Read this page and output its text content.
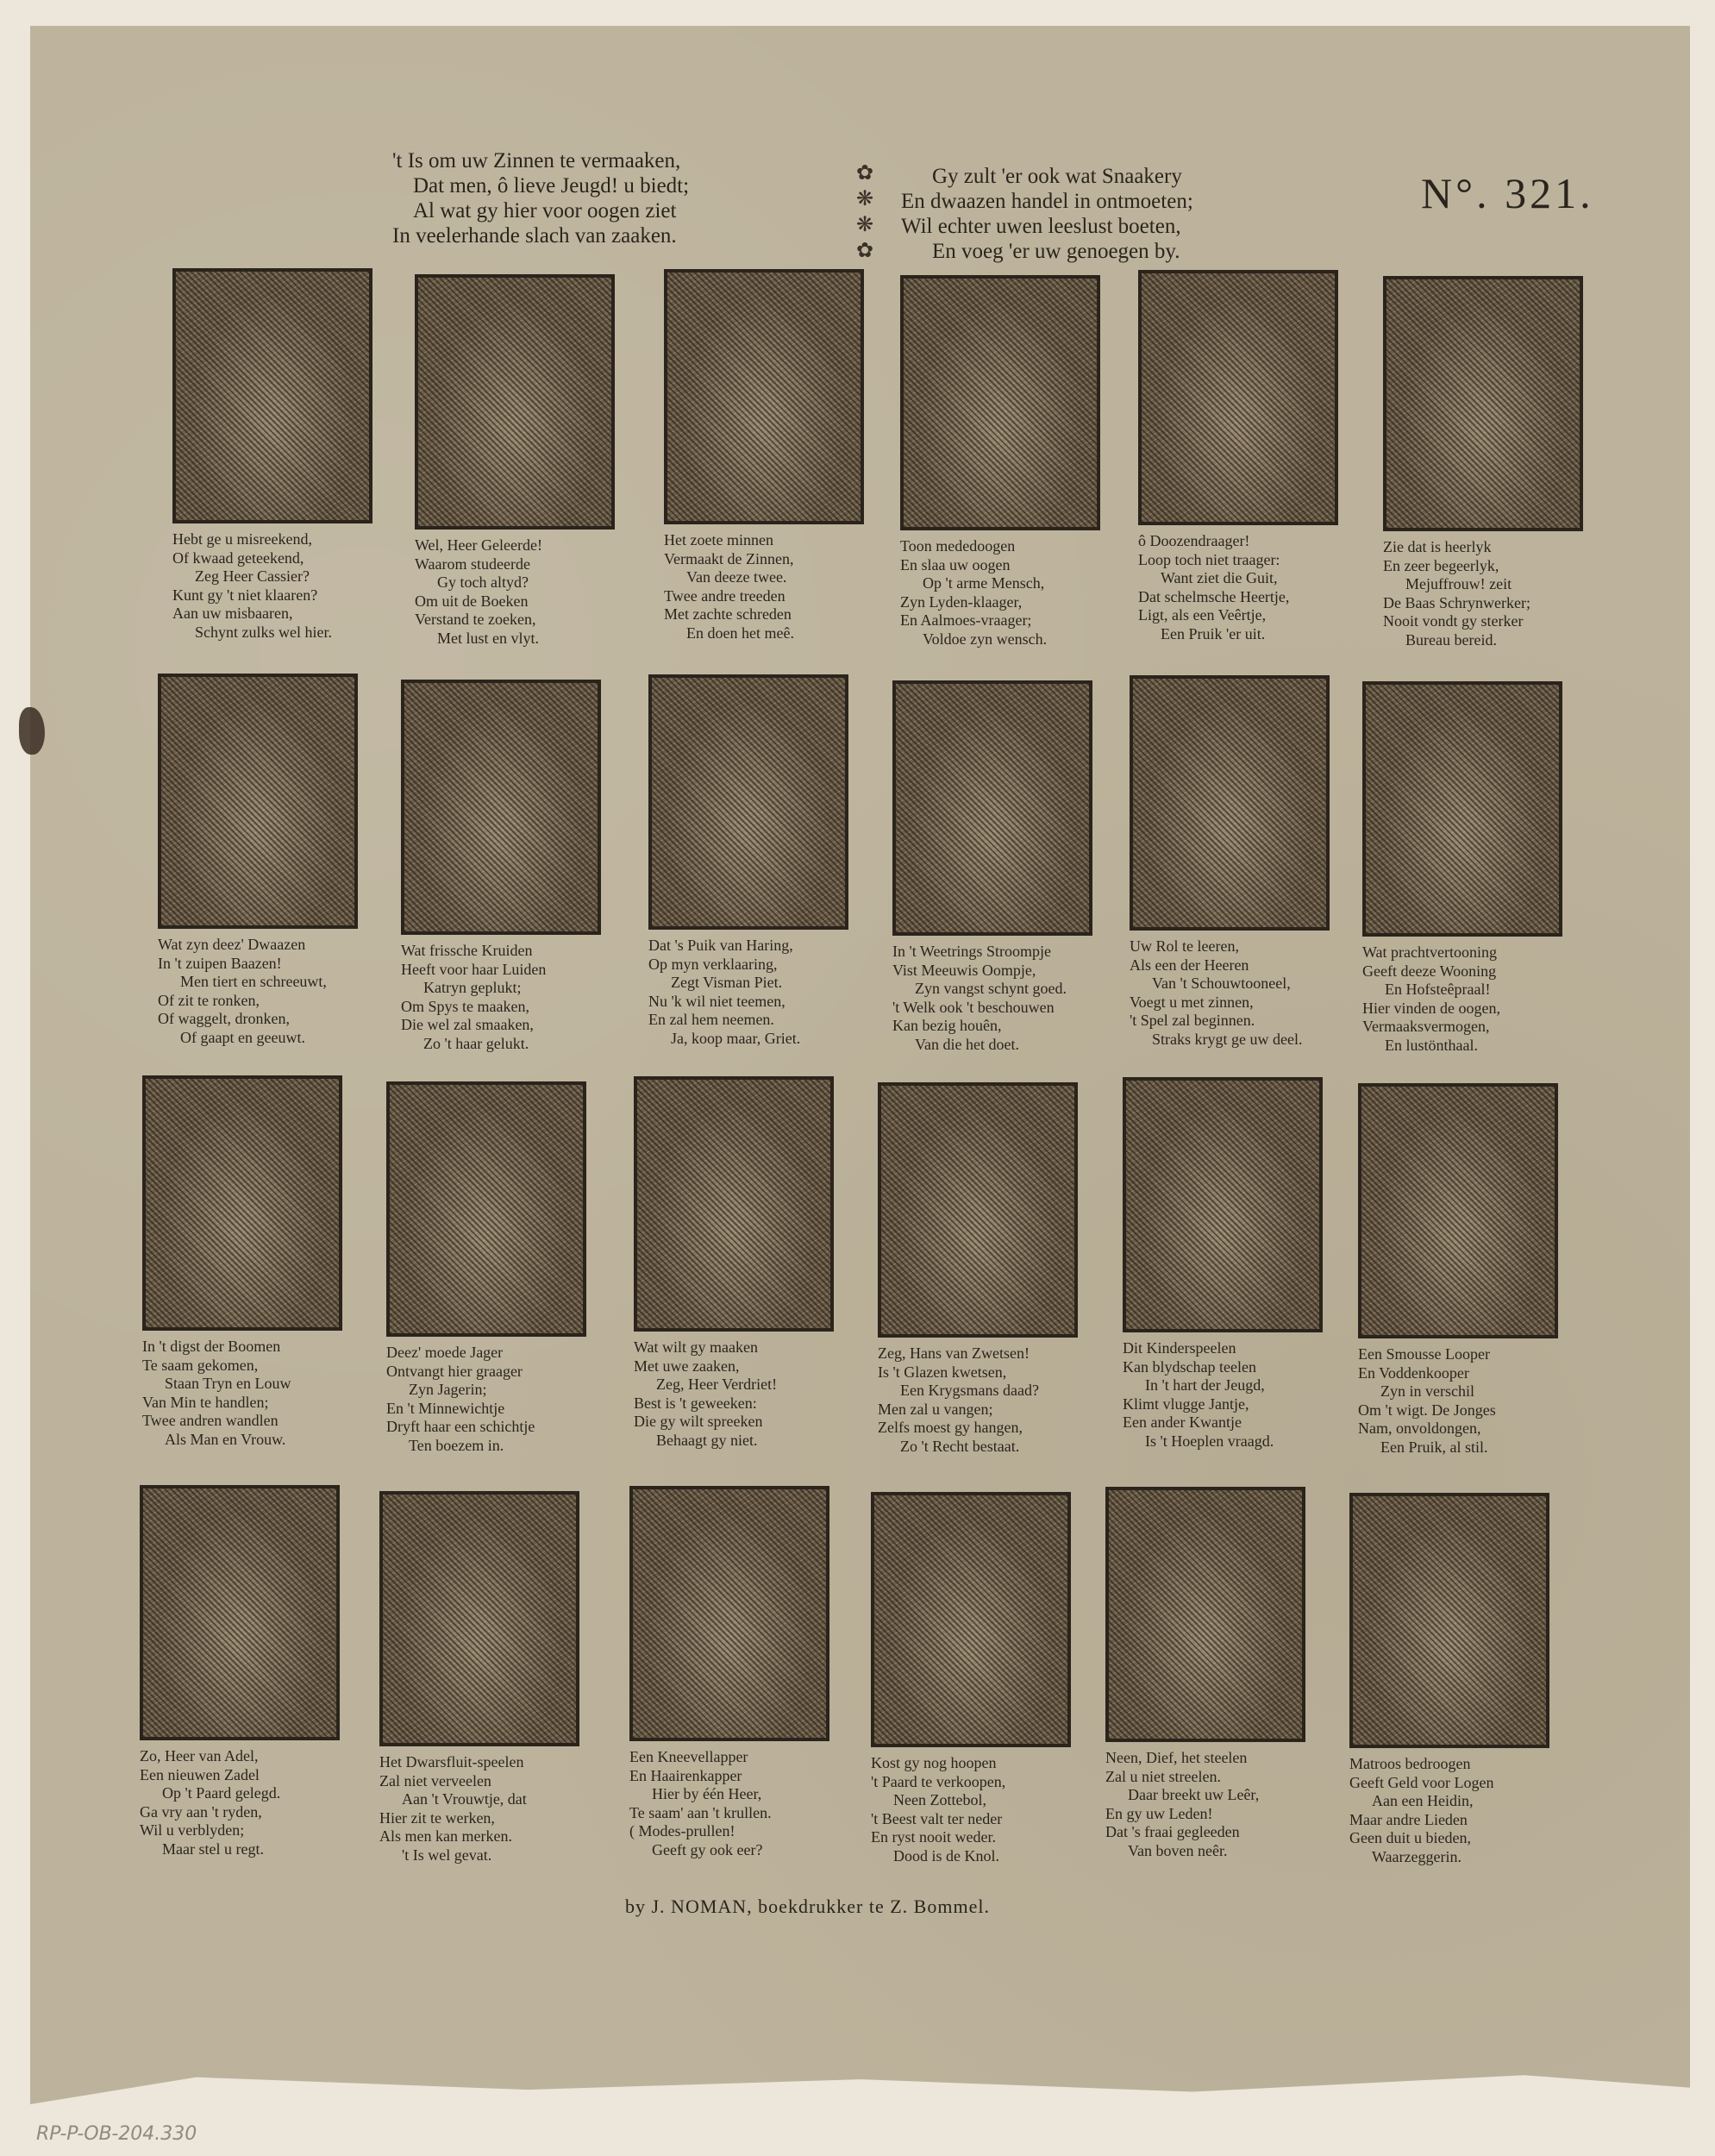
't Is om uw Zinnen te vermaaken,
Dat men, ô lieve Jeugd! u biedt;
Al wat gy hier voor oogen ziet
In veelerhande slach van zaaken.
✿
❋
❋
✿
Gy zult 'er ook wat Snaakery
En dwaazen handel in ontmoeten;
Wil echter uwen leeslust boeten,
En voeg 'er uw genoegen by.
N°. 321.
Hebt ge u misreekend,
Of kwaad geteekend,
Zeg Heer Cassier?
Kunt gy 't niet klaaren?
Aan uw misbaaren,
Schynt zulks wel hier.
Wel, Heer Geleerde!
Waarom studeerde
Gy toch altyd?
Om uit de Boeken
Verstand te zoeken,
Met lust en vlyt.
Het zoete minnen
Vermaakt de Zinnen,
Van deeze twee.
Twee andre treeden
Met zachte schreden
En doen het meê.
Toon mededoogen
En slaa uw oogen
Op 't arme Mensch,
Zyn Lyden-klaager,
En Aalmoes-vraager;
Voldoe zyn wensch.
ô Doozendraager!
Loop toch niet traager:
Want ziet die Guit,
Dat schelmsche Heertje,
Ligt, als een Veêrtje,
Een Pruik 'er uit.
Zie dat is heerlyk
En zeer begeerlyk,
Mejuffrouw! zeit
De Baas Schrynwerker;
Nooit vondt gy sterker
Bureau bereid.
Wat zyn deez' Dwaazen
In 't zuipen Baazen!
Men tiert en schreeuwt,
Of zit te ronken,
Of waggelt, dronken,
Of gaapt en geeuwt.
Wat frissche Kruiden
Heeft voor haar Luiden
Katryn geplukt;
Om Spys te maaken,
Die wel zal smaaken,
Zo 't haar gelukt.
Dat 's Puik van Haring,
Op myn verklaaring,
Zegt Visman Piet.
Nu 'k wil niet teemen,
En zal hem neemen.
Ja, koop maar, Griet.
In 't Weetrings Stroompje
Vist Meeuwis Oompje,
Zyn vangst schynt goed.
't Welk ook 't beschouwen
Kan bezig houên,
Van die het doet.
Uw Rol te leeren,
Als een der Heeren
Van 't Schouwtooneel,
Voegt u met zinnen,
't Spel zal beginnen.
Straks krygt ge uw deel.
Wat prachtvertooning
Geeft deeze Wooning
En Hofsteêpraal!
Hier vinden de oogen,
Vermaaksvermogen,
En lustönthaal.
In 't digst der Boomen
Te saam gekomen,
Staan Tryn en Louw
Van Min te handlen;
Twee andren wandlen
Als Man en Vrouw.
Deez' moede Jager
Ontvangt hier graager
Zyn Jagerin;
En 't Minnewichtje
Dryft haar een schichtje
Ten boezem in.
Wat wilt gy maaken
Met uwe zaaken,
Zeg, Heer Verdriet!
Best is 't geweeken:
Die gy wilt spreeken
Behaagt gy niet.
Zeg, Hans van Zwetsen!
Is 't Glazen kwetsen,
Een Krygsmans daad?
Men zal u vangen;
Zelfs moest gy hangen,
Zo 't Recht bestaat.
Dit Kinderspeelen
Kan blydschap teelen
In 't hart der Jeugd,
Klimt vlugge Jantje,
Een ander Kwantje
Is 't Hoeplen vraagd.
Een Smousse Looper
En Voddenkooper
Zyn in verschil
Om 't wigt. De Jonges
Nam, onvoldongen,
Een Pruik, al stil.
Zo, Heer van Adel,
Een nieuwen Zadel
Op 't Paard gelegd.
Ga vry aan 't ryden,
Wil u verblyden;
Maar stel u regt.
Het Dwarsfluit-speelen
Zal niet verveelen
Aan 't Vrouwtje, dat
Hier zit te werken,
Als men kan merken.
't Is wel gevat.
Een Kneevellapper
En Haairenkapper
Hier by één Heer,
Te saam' aan 't krullen.
( Modes-prullen!
Geeft gy ook eer?
Kost gy nog hoopen
't Paard te verkoopen,
Neen Zottebol,
't Beest valt ter neder
En ryst nooit weder.
Dood is de Knol.
Neen, Dief, het steelen
Zal u niet streelen.
Daar breekt uw Leêr,
En gy uw Leden!
Dat 's fraai gegleeden
Van boven neêr.
Matroos bedroogen
Geeft Geld voor Logen
Aan een Heidin,
Maar andre Lieden
Geen duit u bieden,
Waarzeggerin.
by J. NOMAN, boekdrukker te Z. Bommel.
RP-P-OB-204.330
